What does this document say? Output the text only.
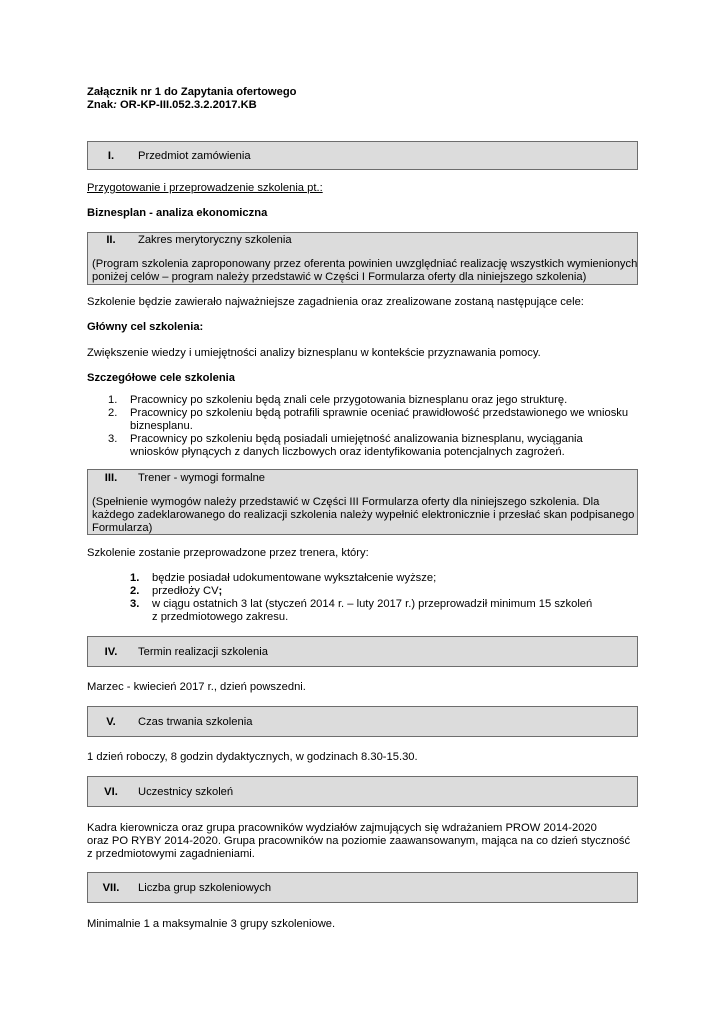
Załącznik nr 1 do Zapytania ofertowego
Znak: OR-KP-III.052.3.2.2017.KB
I.	Przedmiot zamówienia
Przygotowanie i przeprowadzenie szkolenia pt.:
Biznesplan - analiza ekonomiczna
II.	Zakres merytoryczny szkolenia
(Program szkolenia zaproponowany przez oferenta powinien uwzględniać realizację wszystkich wymienionych
poniżej celów – program należy przedstawić w Części I Formularza oferty dla niniejszego szkolenia)
Szkolenie będzie zawierało najważniejsze zagadnienia oraz zrealizowane zostaną następujące cele:
Główny cel szkolenia:
Zwiększenie wiedzy i umiejętności analizy biznesplanu w kontekście przyznawania pomocy.
Szczegółowe cele szkolenia
1. Pracownicy po szkoleniu będą znali cele przygotowania biznesplanu oraz jego strukturę.
2. Pracownicy po szkoleniu będą potrafili sprawnie oceniać prawidłowość przedstawionego we wniosku
biznesplanu.
3. Pracownicy po szkoleniu będą posiadali umiejętność analizowania biznesplanu, wyciągania
wniosków płynących z danych liczbowych oraz identyfikowania potencjalnych zagrożeń.
III.	Trener - wymogi formalne
(Spełnienie wymogów należy przedstawić w Części III Formularza oferty dla niniejszego szkolenia. Dla
każdego zadeklarowanego do realizacji szkolenia należy wypełnić elektronicznie i przesłać skan podpisanego
Formularza)
Szkolenie zostanie przeprowadzone przez trenera, który:
1. będzie posiadał udokumentowane wykształcenie wyższe;
2. przedłoży CV;
3. w ciągu ostatnich 3 lat (styczeń 2014 r. – luty 2017 r.) przeprowadził minimum 15 szkoleń
z przedmiotowego zakresu.
IV.	Termin realizacji szkolenia
Marzec - kwiecień 2017 r., dzień powszedni.
V.	Czas trwania szkolenia
1 dzień roboczy, 8 godzin dydaktycznych, w godzinach 8.30-15.30.
VI.	Uczestnicy szkoleń
Kadra kierownicza oraz grupa pracowników wydziałów zajmujących się wdrażaniem PROW 2014-2020
oraz PO RYBY 2014-2020. Grupa pracowników na poziomie zaawansowanym, mająca na co dzień styczność
z przedmiotowymi zagadnieniami.
VII.	Liczba grup szkoleniowych
Minimalnie 1 a maksymalnie 3 grupy szkoleniowe.
